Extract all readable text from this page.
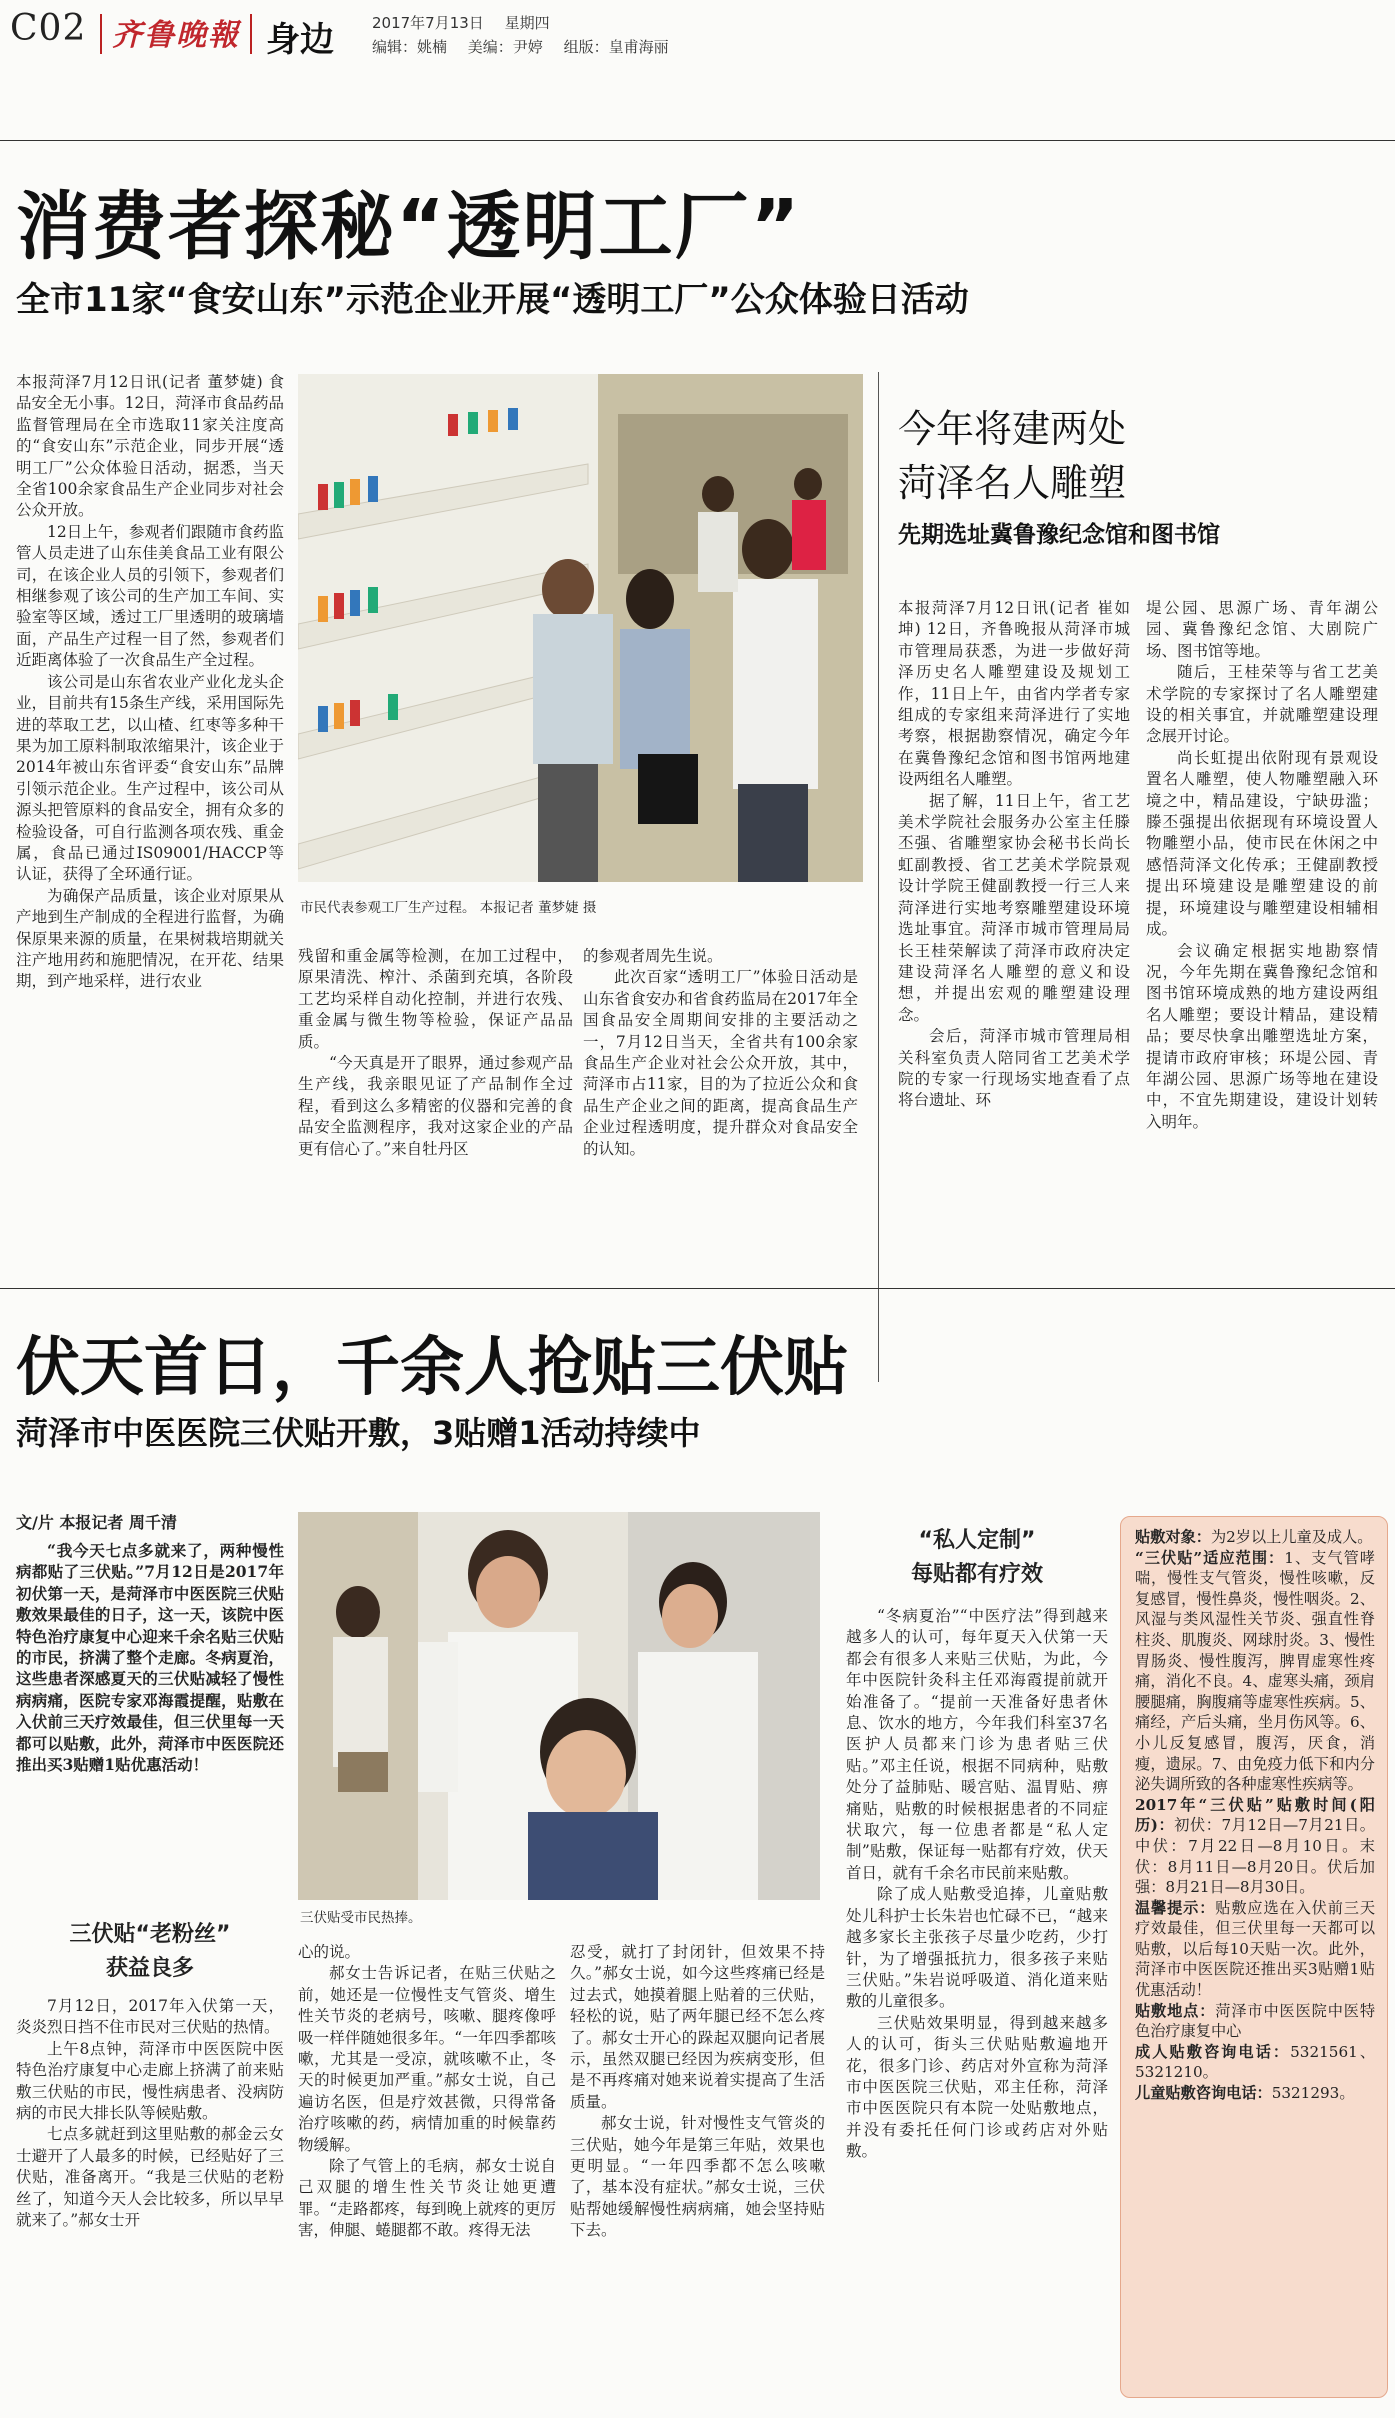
C02 齐鲁晚報 身边	2017年7月13日 星期四
编辑：姚楠 美编：尹婷 组版：皇甫海丽
消费者探秘“透明工厂”
全市11家“食安山东”示范企业开展“透明工厂”公众体验日活动

本报菏泽7月12日讯(记者 董梦婕) 食品安全无小事。12日，菏泽市食品药品监督管理局在全市选取11家关注度高的“食安山东”示范企业，同步开展“透明工厂”公众体验日活动，据悉，当天全省100余家食品生产企业同步对社会公众开放。

12日上午，参观者们跟随市食药监管人员走进了山东佳美食品工业有限公司，在该企业人员的引领下，参观者们相继参观了该公司的生产加工车间、实验室等区域，透过工厂里透明的玻璃墙面，产品生产过程一目了然，参观者们近距离体验了一次食品生产全过程。

该公司是山东省农业产业化龙头企业，目前共有15条生产线，采用国际先进的萃取工艺，以山楂、红枣等多种干果为加工原料制取浓缩果汁，该企业于2014年被山东省评委“食安山东”品牌引领示范企业。生产过程中，该公司从源头把管原料的食品安全，拥有众多的检验设备，可自行监测各项农残、重金属，食品已通过IS09001/HACCP等认证，获得了全环通行证。

为确保产品质量，该企业对原果从产地到生产制成的全程进行监督，为确保原果来源的质量，在果树栽培期就关注产地用药和施肥情况，在开花、结果期，到产地采样，进行农业

市民代表参观工厂生产过程。 本报记者 董梦婕 摄

残留和重金属等检测，在加工过程中，原果清洗、榨汁、杀菌到充填，各阶段工艺均采样自动化控制，并进行农残、重金属与微生物等检验，保证产品品质。

“今天真是开了眼界，通过参观产品生产线，我亲眼见证了产品制作全过程，看到这么多精密的仪器和完善的食品安全监测程序，我对这家企业的产品更有信心了。”来自牡丹区

的参观者周先生说。

此次百家“透明工厂”体验日活动是山东省食安办和省食药监局在2017年全国食品安全周期间安排的主要活动之一，7月12日当天，全省共有100余家食品生产企业对社会公众开放，其中，菏泽市占11家，目的为了拉近公众和食品生产企业之间的距离，提高食品生产企业过程透明度，提升群众对食品安全的认知。

今年将建两处
菏泽名人雕塑
先期选址冀鲁豫纪念馆和图书馆

本报菏泽7月12日讯(记者 崔如坤) 12日，齐鲁晚报从菏泽市城市管理局获悉，为进一步做好菏泽历史名人雕塑建设及规划工作，11日上午，由省内学者专家组成的专家组来菏泽进行了实地考察，根据勘察情况，确定今年在冀鲁豫纪念馆和图书馆两地建设两组名人雕塑。

据了解，11日上午，省工艺美术学院社会服务办公室主任滕丕强、省雕塑家协会秘书长尚长虹副教授、省工艺美术学院景观设计学院王健副教授一行三人来菏泽进行实地考察雕塑建设环境选址事宜。菏泽市城市管理局局长王桂荣解读了菏泽市政府决定建设菏泽名人雕塑的意义和设想，并提出宏观的雕塑建设理念。

会后，菏泽市城市管理局相关科室负责人陪同省工艺美术学院的专家一行现场实地查看了点将台遗址、环

堤公园、思源广场、青年湖公园、冀鲁豫纪念馆、大剧院广场、图书馆等地。

随后，王桂荣等与省工艺美术学院的专家探讨了名人雕塑建设的相关事宜，并就雕塑建设理念展开讨论。

尚长虹提出依附现有景观设置名人雕塑，使人物雕塑融入环境之中，精品建设，宁缺毋滥；滕丕强提出依据现有环境设置人物雕塑小品，使市民在休闲之中感悟菏泽文化传承；王健副教授提出环境建设是雕塑建设的前提，环境建设与雕塑建设相辅相成。

会议确定根据实地勘察情况，今年先期在冀鲁豫纪念馆和图书馆环境成熟的地方建设两组名人雕塑；要设计精品，建设精品；要尽快拿出雕塑选址方案，提请市政府审核；环堤公园、青年湖公园、思源广场等地在建设中，不宜先期建设，建设计划转入明年。

伏天首日，千余人抢贴三伏贴
菏泽市中医医院三伏贴开敷，3贴赠1活动持续中
文/片 本报记者 周千清

“我今天七点多就来了，两种慢性病都贴了三伏贴。”7月12日是2017年初伏第一天，是菏泽市中医医院三伏贴敷效果最佳的日子，这一天，该院中医特色治疗康复中心迎来千余名贴三伏贴的市民，挤满了整个走廊。冬病夏治，这些患者深感夏天的三伏贴减轻了慢性病病痛，医院专家邓海霞提醒，贴敷在入伏前三天疗效最佳，但三伏里每一天都可以贴敷，此外，菏泽市中医医院还推出买3贴赠1贴优惠活动！

三伏贴“老粉丝”
获益良多

7月12日，2017年入伏第一天，炎炎烈日挡不住市民对三伏贴的热情。

上午8点钟，菏泽市中医医院中医特色治疗康复中心走廊上挤满了前来贴敷三伏贴的市民，慢性病患者、没病防病的市民大排长队等候贴敷。

七点多就赶到这里贴敷的郝金云女士避开了人最多的时候，已经贴好了三伏贴，准备离开。“我是三伏贴的老粉丝了，知道今天人会比较多，所以早早就来了。”郝女士开

三伏贴受市民热捧。

心的说。

郝女士告诉记者，在贴三伏贴之前，她还是一位慢性支气管炎、增生性关节炎的老病号，咳嗽、腿疼像呼吸一样伴随她很多年。“一年四季都咳嗽，尤其是一受凉，就咳嗽不止，冬天的时候更加严重。”郝女士说，自己遍访名医，但是疗效甚微，只得常备治疗咳嗽的药，病情加重的时候靠药物缓解。

除了气管上的毛病，郝女士说自己双腿的增生性关节炎让她更遭罪。“走路都疼，每到晚上就疼的更厉害，伸腿、蜷腿都不敢。疼得无法

忍受，就打了封闭针，但效果不持久。”郝女士说，如今这些疼痛已经是过去式，她摸着腿上贴着的三伏贴，轻松的说，贴了两年腿已经不怎么疼了。郝女士开心的跺起双腿向记者展示，虽然双腿已经因为疾病变形，但是不再疼痛对她来说着实提高了生活质量。

郝女士说，针对慢性支气管炎的三伏贴，她今年是第三年贴，效果也更明显。“一年四季都不怎么咳嗽了，基本没有症状。”郝女士说，三伏贴帮她缓解慢性病病痛，她会坚持贴下去。

“私人定制”
每贴都有疗效

“冬病夏治”“中医疗法”得到越来越多人的认可，每年夏天入伏第一天都会有很多人来贴三伏贴，为此，今年中医院针灸科主任邓海霞提前就开始准备了。“提前一天准备好患者休息、饮水的地方，今年我们科室37名医护人员都来门诊为患者贴三伏贴。”邓主任说，根据不同病种，贴敷处分了益肺贴、暖宫贴、温胃贴、痹痛贴，贴敷的时候根据患者的不同症状取穴，每一位患者都是“私人定制”贴敷，保证每一贴都有疗效，伏天首日，就有千余名市民前来贴敷。

除了成人贴敷受追捧，儿童贴敷处儿科护士长朱岩也忙碌不已，“越来越多家长主张孩子尽量少吃药，少打针，为了增强抵抗力，很多孩子来贴三伏贴。”朱岩说呼吸道、消化道来贴敷的儿童很多。

三伏贴效果明显，得到越来越多人的认可，街头三伏贴贴敷遍地开花，很多门诊、药店对外宣称为菏泽市中医医院三伏贴，邓主任称，菏泽市中医医院只有本院一处贴敷地点，并没有委托任何门诊或药店对外贴敷。

贴敷对象：为2岁以上儿童及成人。

“三伏贴”适应范围：1、支气管哮喘，慢性支气管炎，慢性咳嗽，反复感冒，慢性鼻炎，慢性咽炎。2、风湿与类风湿性关节炎、强直性脊柱炎、肌腹炎、网球肘炎。3、慢性胃肠炎、慢性腹泻，脾胃虚寒性疼痛，消化不良。4、虚寒头痛，颈肩腰腿痛，胸腹痛等虚寒性疾病。5、痛经，产后头痛，坐月伤风等。6、小儿反复感冒，腹泻，厌食，消瘦，遗尿。7、由免疫力低下和内分泌失调所致的各种虚寒性疾病等。

2017年“三伏贴”贴敷时间(阳历)：初伏：7月12日—7月21日。中伏：7月22日—8月10日。末伏：8月11日—8月20日。伏后加强：8月21日—8月30日。

温馨提示：贴敷应选在入伏前三天疗效最佳，但三伏里每一天都可以贴敷，以后每10天贴一次。此外，菏泽市中医医院还推出买3贴赠1贴优惠活动！

贴敷地点：菏泽市中医医院中医特色治疗康复中心

成人贴敷咨询电话：5321561、5321210。

儿童贴敷咨询电话：5321293。
